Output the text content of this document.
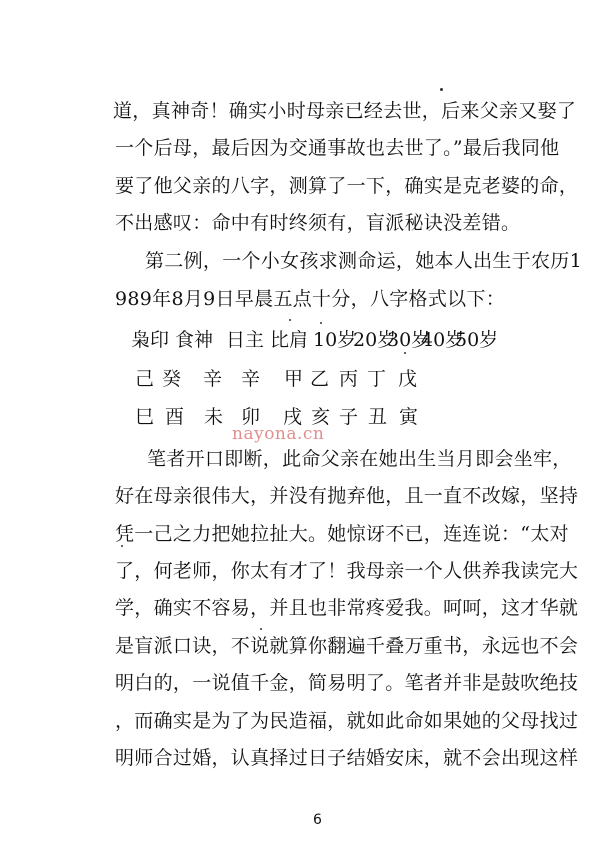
道，真神奇！确实小时母亲已经去世，后来父亲又娶了
一个后母，最后因为交通事故也去世了。”最后我同他
要了他父亲的八字，测算了一下，确实是克老婆的命，
不出感叹：命中有时终须有，盲派秘诀没差错。
第二例，一个小女孩求测命运，她本人出生于农历1
989年8月9日早晨五点十分，八字格式以下：
枭印 食神 日主 比肩 10岁
20岁
30岁
40岁
50岁
己 癸 辛 辛 甲 乙 丙 丁 戊
巳 酉 未 卯 戌 亥 子 丑 寅
nayona.cn
笔者开口即断，此命父亲在她出生当月即会坐牢，
好在母亲很伟大，并没有抛弃他，且一直不改嫁，坚持
凭一己之力把她拉扯大。她惊讶不已，连连说：“太对
了，何老师，你太有才了！我母亲一个人供养我读完大
学，确实不容易，并且也非常疼爱我。呵呵，这才华就
是盲派口诀，不说就算你翻遍千叠万重书，永远也不会
明白的，一说值千金，简易明了。笔者并非是鼓吹绝技
，而确实是为了为民造福，就如此命如果她的父母找过
明师合过婚，认真择过日子结婚安床，就不会出现这样
6
